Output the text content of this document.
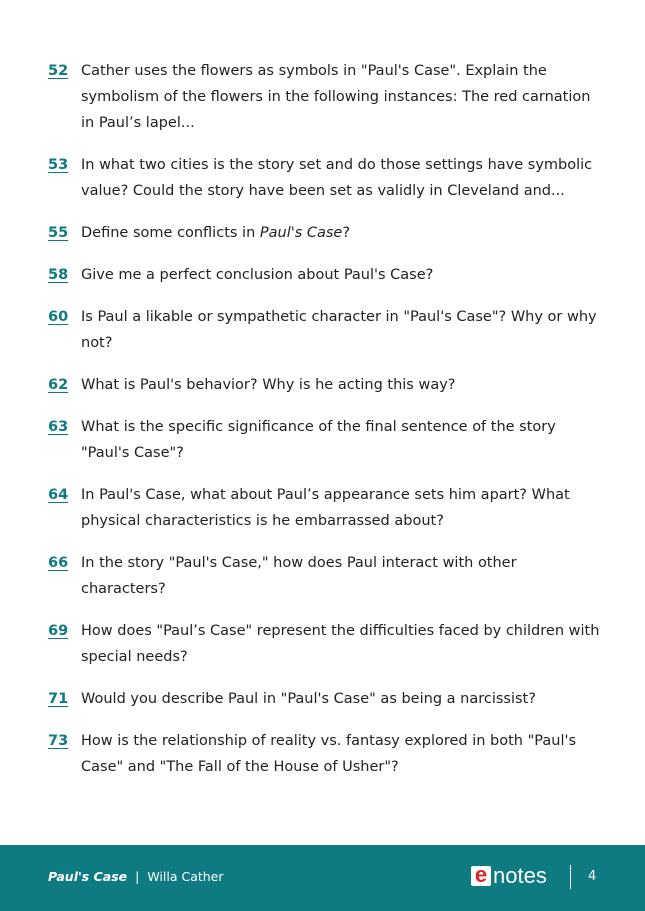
52 Cather uses the flowers as symbols in "Paul's Case". Explain the symbolism of the flowers in the following instances: The red carnation in Paul’s lapel...
53 In what two cities is the story set and do those settings have symbolic value? Could the story have been set as validly in Cleveland and...
55 Define some conflicts in Paul's Case?
58 Give me a perfect conclusion about Paul's Case?
60 Is Paul a likable or sympathetic character in "Paul's Case"? Why or why not?
62 What is Paul's behavior? Why is he acting this way?
63 What is the specific significance of the final sentence of the story "Paul's Case"?
64 In Paul's Case, what about Paul’s appearance sets him apart? What physical characteristics is he embarrassed about?
66 In the story "Paul's Case," how does Paul interact with other characters?
69 How does "Paul’s Case" represent the difficulties faced by children with special needs?
71 Would you describe Paul in "Paul's Case" as being a narcissist?
73 How is the relationship of reality vs. fantasy explored in both "Paul's Case" and "The Fall of the House of Usher"?
Paul's Case | Willa Cather	e notes	4
